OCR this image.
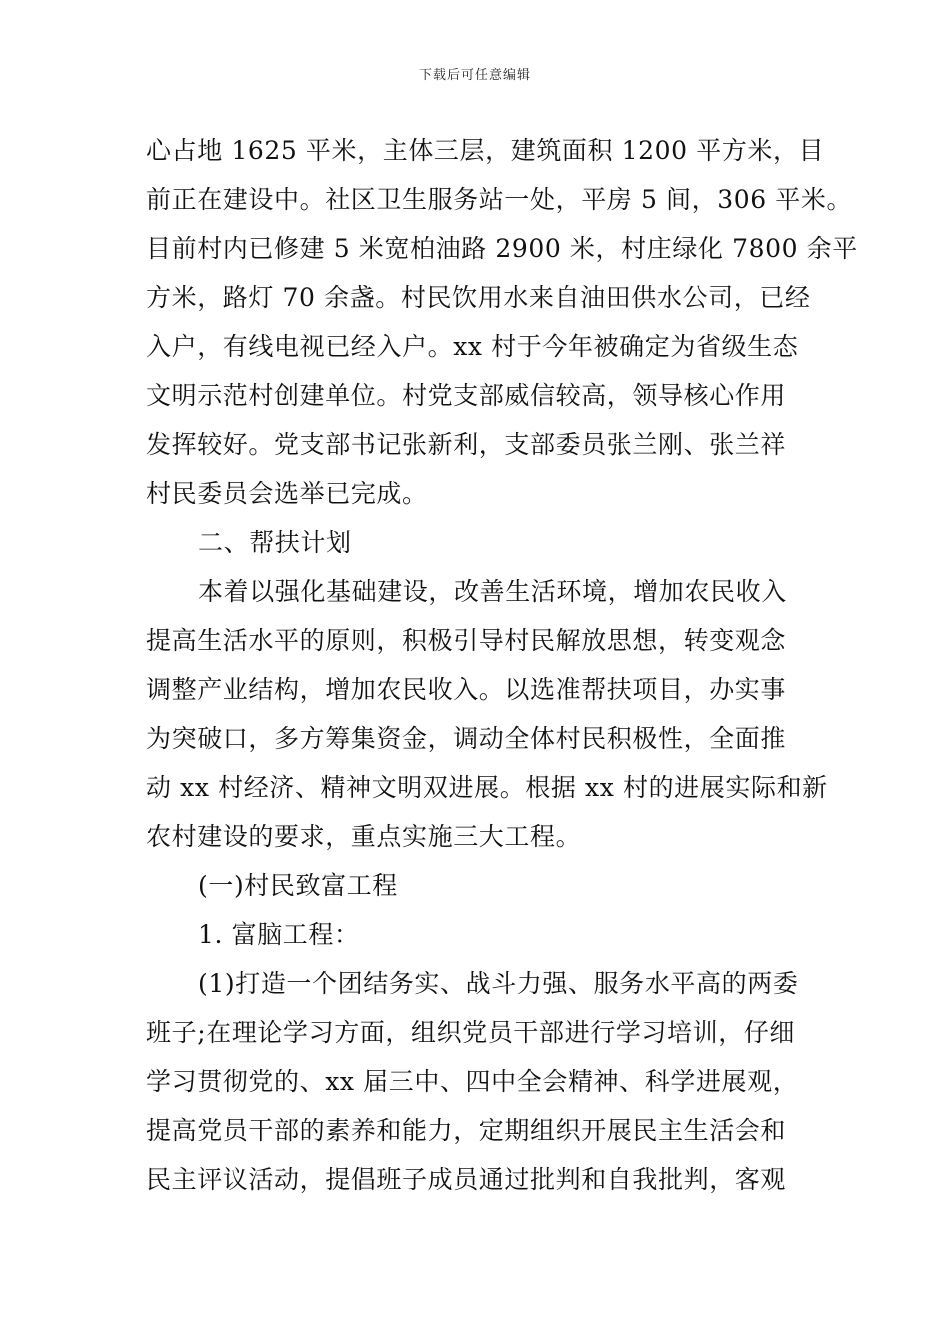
下载后可任意编辑
心占地 1625 平米，主体三层，建筑面积 1200 平方米，目
前正在建设中。社区卫生服务站一处，平房 5 间，306 平米。
目前村内已修建 5 米宽柏油路 2900 米，村庄绿化 7800 余平
方米，路灯 70 余盏。村民饮用水来自油田供水公司，已经
入户，有线电视已经入户。xx 村于今年被确定为省级生态
文明示范村创建单位。村党支部威信较高，领导核心作用
发挥较好。党支部书记张新利，支部委员张兰刚、张兰祥
村民委员会选举已完成。
二、帮扶计划
本着以强化基础建设，改善生活环境，增加农民收入
提高生活水平的原则，积极引导村民解放思想，转变观念
调整产业结构，增加农民收入。以选准帮扶项目，办实事
为突破口，多方筹集资金，调动全体村民积极性，全面推
动 xx 村经济、精神文明双进展。根据 xx 村的进展实际和新
农村建设的要求，重点实施三大工程。
(一)村民致富工程
1. 富脑工程：
(1)打造一个团结务实、战斗力强、服务水平高的两委
班子;在理论学习方面，组织党员干部进行学习培训，仔细
学习贯彻党的、xx 届三中、四中全会精神、科学进展观，
提高党员干部的素养和能力，定期组织开展民主生活会和
民主评议活动，提倡班子成员通过批判和自我批判，客观
